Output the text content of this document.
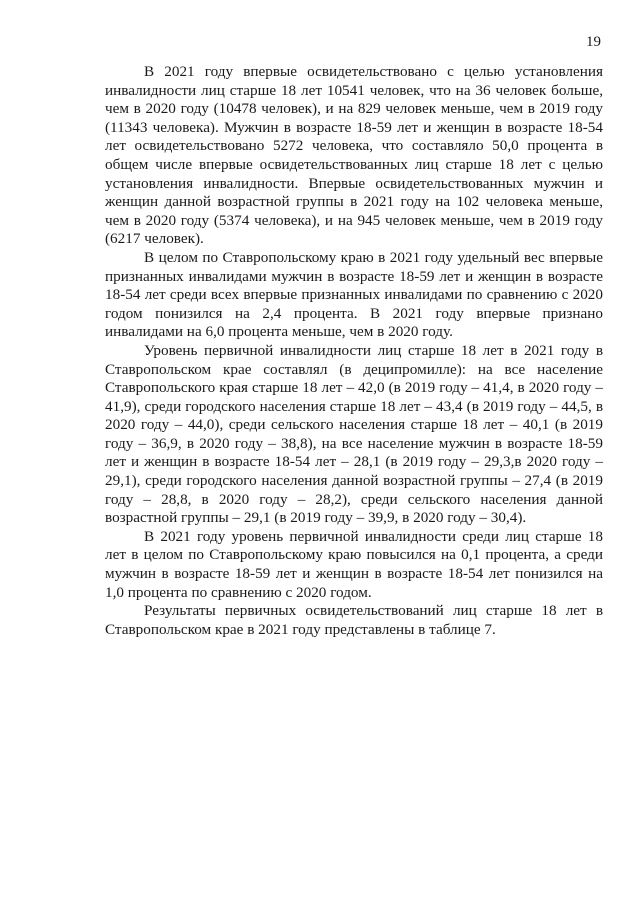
19

В 2021 году впервые освидетельствовано с целью установления инвалидности лиц старше 18 лет 10541 человек, что на 36 человек больше, чем в 2020 году (10478 человек), и на 829 человек меньше, чем в 2019 году (11343 человека). Мужчин в возрасте 18-59 лет и женщин в возрасте 18-54 лет освидетельствовано 5272 человека, что составляло 50,0 процента в общем числе впервые освидетельствованных лиц старше 18 лет с целью установления инвалидности. Впервые освидетельствованных мужчин и женщин данной возрастной группы в 2021 году на 102 человека меньше, чем в 2020 году (5374 человека), и на 945 человек меньше, чем в 2019 году (6217 человек).

В целом по Ставропольскому краю в 2021 году удельный вес впервые признанных инвалидами мужчин в возрасте 18-59 лет и женщин в возрасте 18-54 лет среди всех впервые признанных инвалидами по сравнению с 2020 годом понизился на 2,4 процента. В 2021 году впервые признано инвалидами на 6,0 процента меньше, чем в 2020 году.

Уровень первичной инвалидности лиц старше 18 лет в 2021 году в Ставропольском крае составлял (в деципромилле): на все население Ставропольского края старше 18 лет – 42,0 (в 2019 году – 41,4, в 2020 году – 41,9), среди городского населения старше 18 лет – 43,4 (в 2019 году – 44,5, в 2020 году – 44,0), среди сельского населения старше 18 лет – 40,1 (в 2019 году – 36,9, в 2020 году – 38,8), на все население мужчин в возрасте 18-59 лет и женщин в возрасте 18-54 лет – 28,1 (в 2019 году – 29,3,в 2020 году – 29,1), среди городского населения данной возрастной группы – 27,4 (в 2019 году – 28,8, в 2020 году – 28,2), среди сельского населения данной возрастной группы – 29,1 (в 2019 году – 39,9, в 2020 году – 30,4).

В 2021 году уровень первичной инвалидности среди лиц старше 18 лет в целом по Ставропольскому краю повысился на 0,1 процента, а среди мужчин в возрасте 18-59 лет и женщин в возрасте 18-54 лет понизился на 1,0 процента по сравнению с 2020 годом.

Результаты первичных освидетельствований лиц старше 18 лет в Ставропольском крае в 2021 году представлены в таблице 7.
